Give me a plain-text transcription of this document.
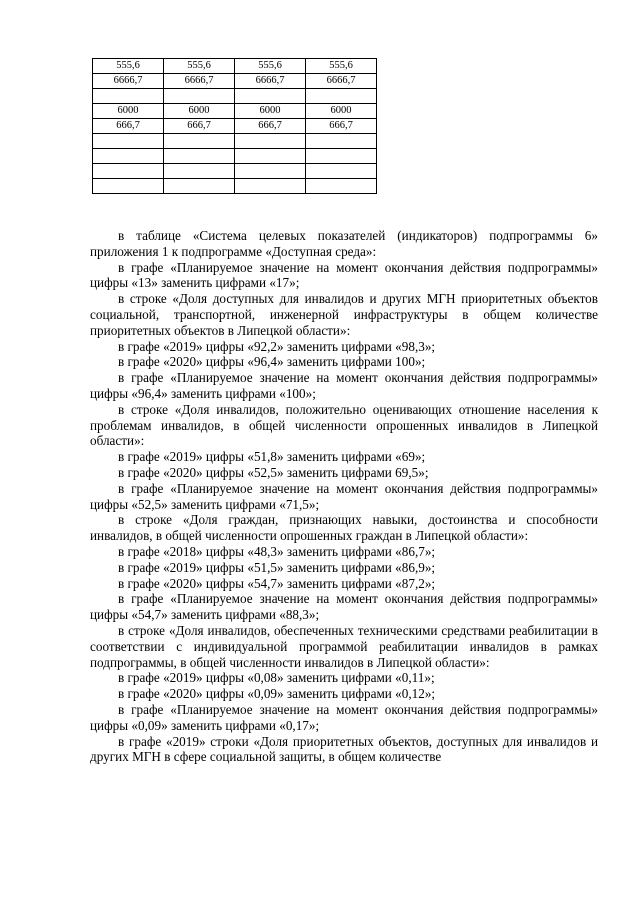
555,6	555,6	555,6	555,6
6666,7	6666,7	6666,7	6666,7

6000	6000	6000	6000
666,7	666,7	666,7	666,7

в таблице «Система целевых показателей (индикаторов) подпрограммы 6» приложения 1 к подпрограмме «Доступная среда»:

в графе «Планируемое значение на момент окончания действия подпрограммы» цифры «13» заменить цифрами «17»;

в строке «Доля доступных для инвалидов и других МГН приоритетных объектов социальной, транспортной, инженерной инфраструктуры в общем количестве приоритетных объектов в Липецкой области»:

в графе «2019» цифры «92,2» заменить цифрами «98,3»;

в графе «2020» цифры «96,4» заменить цифрами 100»;

в графе «Планируемое значение на момент окончания действия подпрограммы» цифры «96,4» заменить цифрами «100»;

в строке «Доля инвалидов, положительно оценивающих отношение населения к проблемам инвалидов, в общей численности опрошенных инвалидов в Липецкой области»:

в графе «2019» цифры «51,8» заменить цифрами «69»;

в графе «2020» цифры «52,5» заменить цифрами 69,5»;

в графе «Планируемое значение на момент окончания действия подпрограммы» цифры «52,5» заменить цифрами «71,5»;

в строке «Доля граждан, признающих навыки, достоинства и способности инвалидов, в общей численности опрошенных граждан в Липецкой области»:

в графе «2018» цифры «48,3» заменить цифрами «86,7»;

в графе «2019» цифры «51,5» заменить цифрами «86,9»;

в графе «2020» цифры «54,7» заменить цифрами «87,2»;

в графе «Планируемое значение на момент окончания действия подпрограммы» цифры «54,7» заменить цифрами «88,3»;

в строке «Доля инвалидов, обеспеченных техническими средствами реабилитации в соответствии с индивидуальной программой реабилитации инвалидов в рамках подпрограммы, в общей численности инвалидов в Липецкой области»:

в графе «2019» цифры «0,08» заменить цифрами «0,11»;

в графе «2020» цифры «0,09» заменить цифрами «0,12»;

в графе «Планируемое значение на момент окончания действия подпрограммы» цифры «0,09» заменить цифрами «0,17»;

в графе «2019» строки «Доля приоритетных объектов, доступных для инвалидов и других МГН в сфере социальной защиты, в общем количестве
